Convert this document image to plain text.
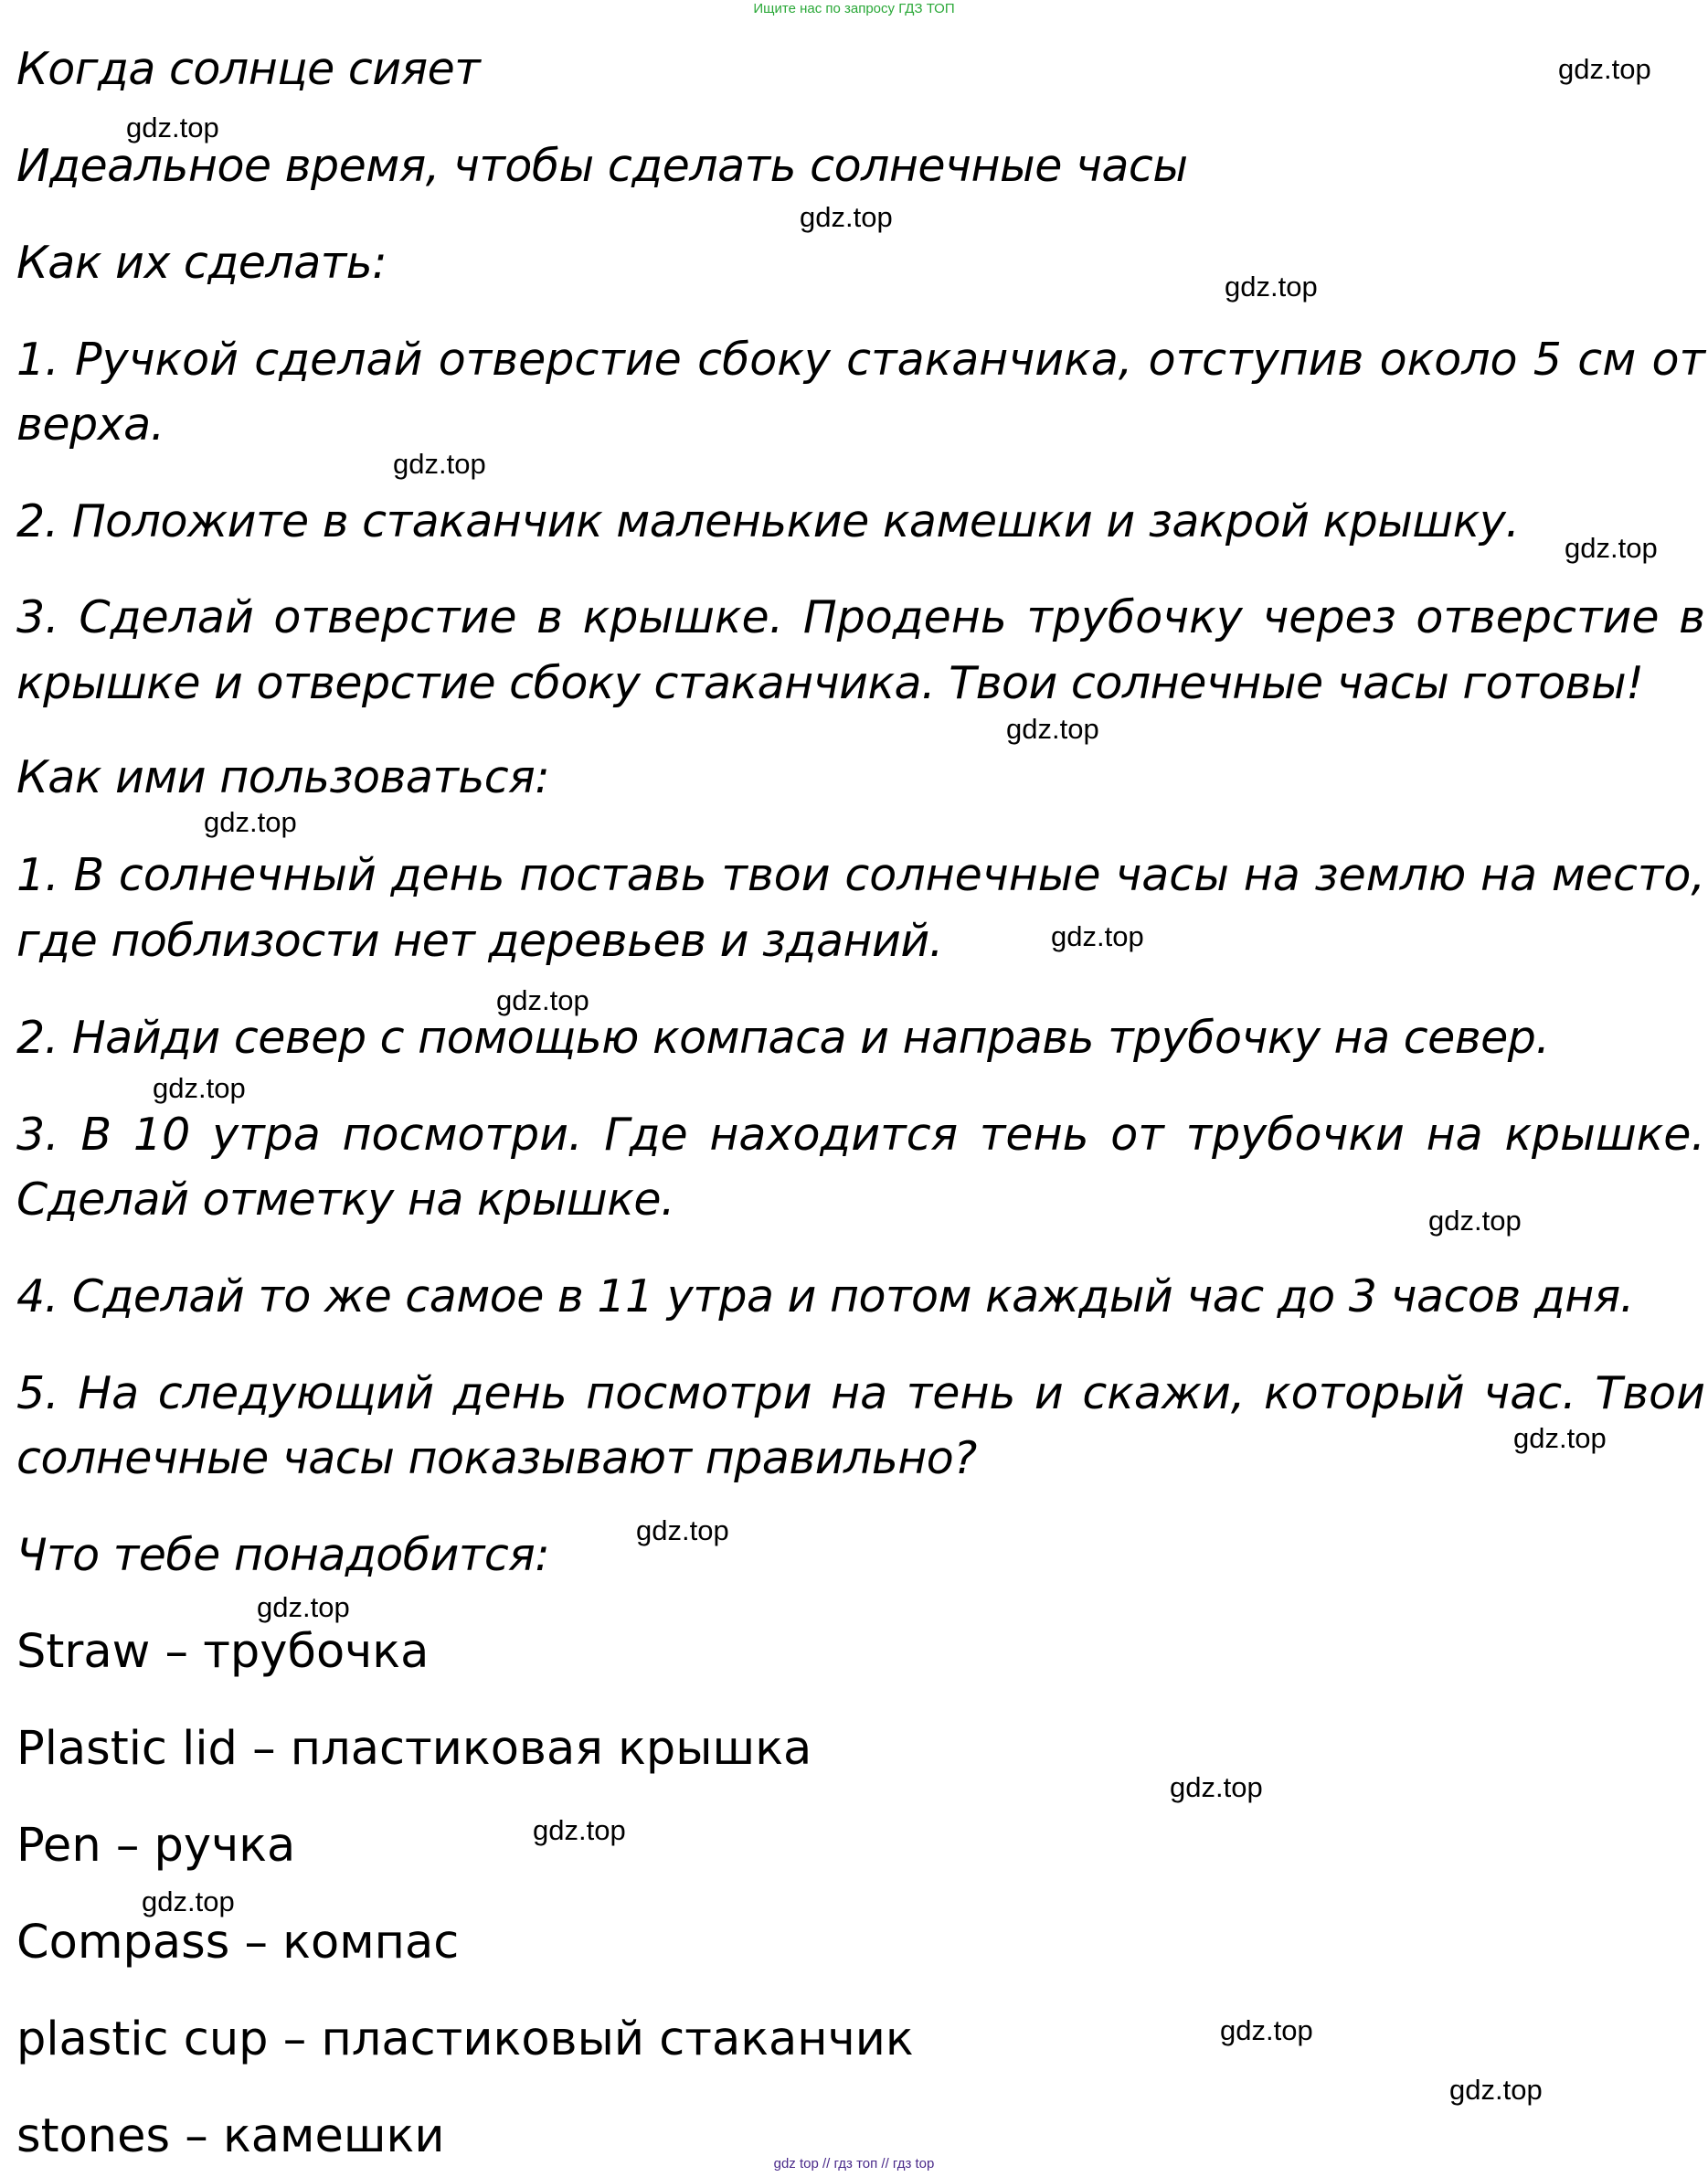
Ищите нас по запросу ГДЗ ТОП
Когда солнце сияет
Идеальное время, чтобы сделать солнечные часы
Как их сделать:
1. Ручкой сделай отверстие сбоку стаканчика, отступив около 5 см от
верха.
2. Положите в стаканчик маленькие камешки и закрой крышку.
3. Сделай отверстие в крышке. Продень трубочку через отверстие в
крышке и отверстие сбоку стаканчика. Твои солнечные часы готовы!
Как ими пользоваться:
1. В солнечный день поставь твои солнечные часы на землю на место,
где поблизости нет деревьев и зданий.
2. Найди север с помощью компаса и направь трубочку на север.
3. В 10 утра посмотри. Где находится тень от трубочки на крышке.
Сделай отметку на крышке.
4. Сделай то же самое в 11 утра и потом каждый час до 3 часов дня.
5. На следующий день посмотри на тень и скажи, который час. Твои
солнечные часы показывают правильно?
Что тебе понадобится:
Straw – трубочка
Plastic lid – пластиковая крышка
Pen – ручка
Compass – компас
plastic cup – пластиковый стаканчик
stones – камешки
gdz.top
gdz.top
gdz.top
gdz.top
gdz.top
gdz.top
gdz.top
gdz.top
gdz.top
gdz.top
gdz.top
gdz.top
gdz.top
gdz.top
gdz.top
gdz.top
gdz.top
gdz.top
gdz.top
gdz.top
gdz top // гдз топ // гдз top
